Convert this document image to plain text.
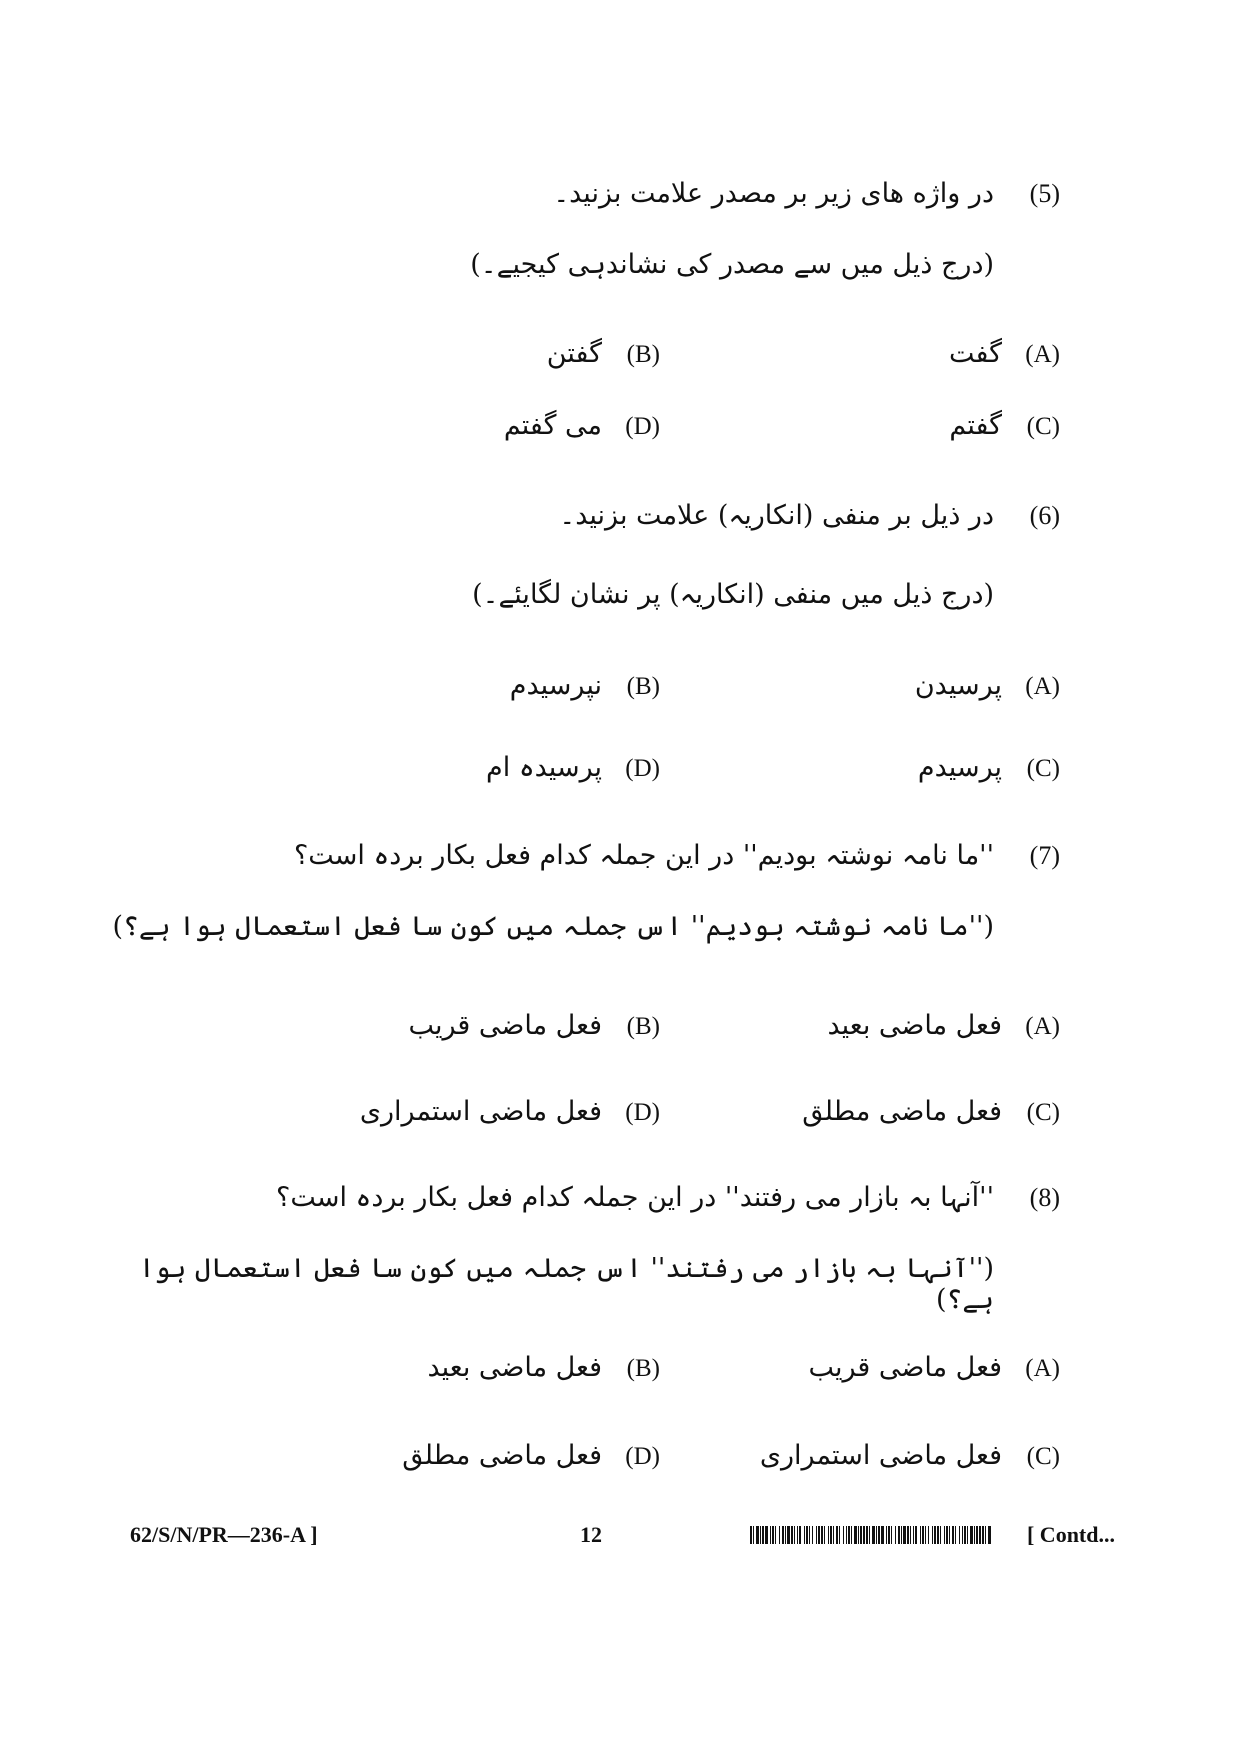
(5)
در واژه های زیر بر مصدر علامت بزنید۔
(درج ذیل میں سے مصدر کی نشاندہی کیجیے۔)
(A)
گفت
(B)
گفتن
(C)
گفتم
(D)
می گفتم
(6)
در ذیل بر منفی (انکاریہ) علامت بزنید۔
(درج ذیل میں منفی (انکاریہ) پر نشان لگایئے۔)
(A)
پرسیدن
(B)
نپرسیدم
(C)
پرسیدم
(D)
پرسیدہ ام
(7)
''ما نامہ نوشتہ بودیم'' در این جملہ کدام فعل بکار بردہ است؟
(''ما نامہ نوشتہ بودیم'' اس جملہ میں کون سا فعل استعمال ہوا ہے؟)
(A)
فعل ماضی بعید
(B)
فعل ماضی قریب
(C)
فعل ماضی مطلق
(D)
فعل ماضی استمراری
(8)
''آنہا بہ بازار می رفتند'' در این جملہ کدام فعل بکار بردہ است؟
(''آنہا بہ بازار می رفتند'' اس جملہ میں کون سا فعل استعمال ہوا ہے؟)
(A)
فعل ماضی قریب
(B)
فعل ماضی بعید
(C)
فعل ماضی استمراری
(D)
فعل ماضی مطلق
62/S/N/PR—236-A ]	12	[ Contd...
